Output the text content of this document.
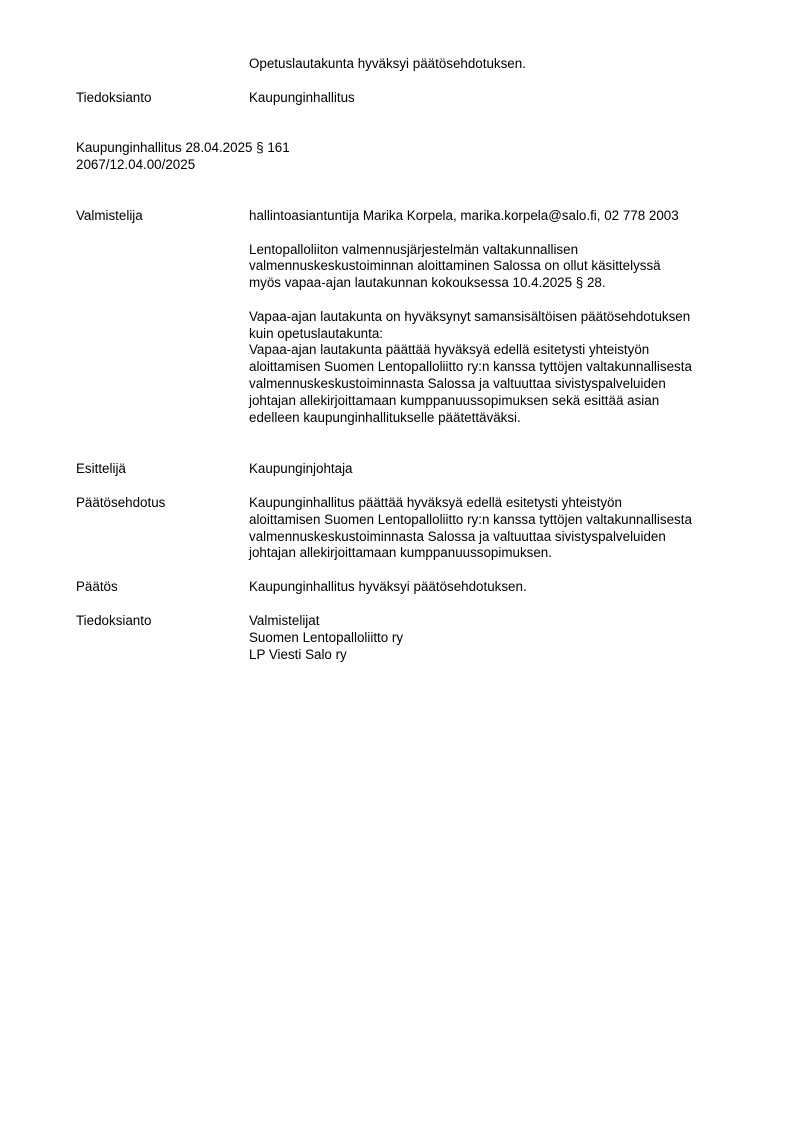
Opetuslautakunta hyväksyi päätösehdotuksen.
Tiedoksianto	Kaupunginhallitus

Kaupunginhallitus 28.04.2025 § 161

2067/12.04.00/2025

Valmistelija	hallintoasiantuntija Marika Korpela, marika.korpela@salo.fi, 02 778 2003

Lentopalloliiton valmennusjärjestelmän valtakunnallisen
valmennuskeskustoiminnan aloittaminen Salossa on ollut käsittelyssä
myös vapaa-ajan lautakunnan kokouksessa 10.4.2025 § 28.

Vapaa-ajan lautakunta on hyväksynyt samansisältöisen päätösehdotuksen
kuin opetuslautakunta:
Vapaa-ajan lautakunta päättää hyväksyä edellä esitetysti yhteistyön
aloittamisen Suomen Lentopalloliitto ry:n kanssa tyttöjen valtakunnallisesta
valmennuskeskustoiminnasta Salossa ja valtuuttaa sivistyspalveluiden
johtajan allekirjoittamaan kumppanuussopimuksen sekä esittää asian
edelleen kaupunginhallitukselle päätettäväksi.

Esittelijä	Kaupunginjohtaja
Päätösehdotus	Kaupunginhallitus päättää hyväksyä edellä esitetysti yhteistyön
aloittamisen Suomen Lentopalloliitto ry:n kanssa tyttöjen valtakunnallisesta
valmennuskeskustoiminnasta Salossa ja valtuuttaa sivistyspalveluiden
johtajan allekirjoittamaan kumppanuussopimuksen.
Päätös	Kaupunginhallitus hyväksyi päätösehdotuksen.
Tiedoksianto	Valmistelijat
Suomen Lentopalloliitto ry
LP Viesti Salo ry
